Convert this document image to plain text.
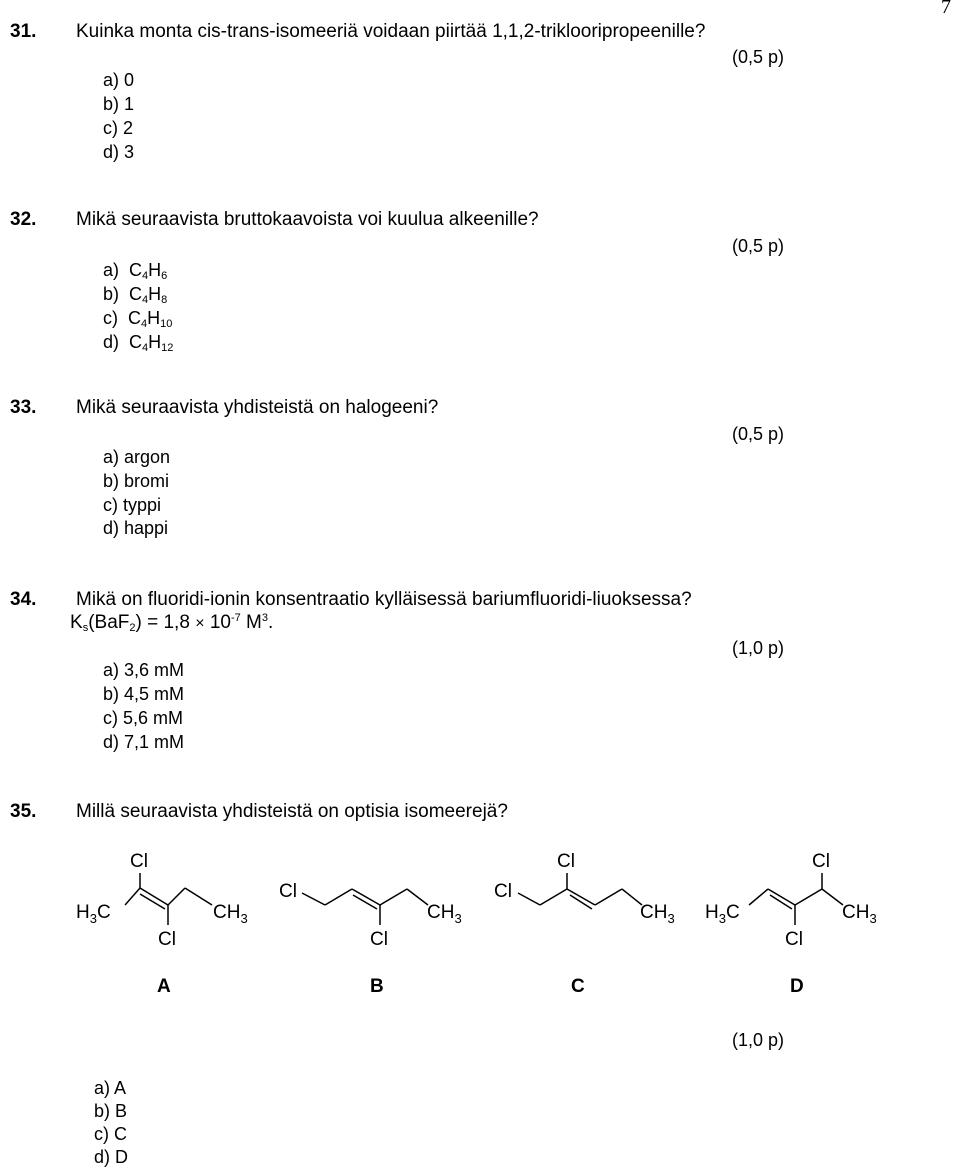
7
31. Kuinka monta cis-trans-isomeeriä voidaan piirtää 1,1,2-triklooripropeenille?
(0,5 p)
a) 0
b) 1
c) 2
d) 3
32. Mikä seuraavista bruttokaavoista voi kuulua alkeenille?
(0,5 p)
a) $C_4H_6$
b) $C_4H_8$
c) $C_4H_{10}$
d) $C_4H_{12}$
33. Mikä seuraavista yhdisteistä on halogeeni?
(0,5 p)
a) argon
b) bromi
c) typpi
d) happi
34. Mikä on fluoridi-ionin konsentraatio kylläisessä bariumfluoridi-liuoksessa?
$K_s(BaF_2) = 1,8 \times 10^{-7}$ $M^3$.
(1,0 p)
a) 3,6 mM
b) 4,5 mM
c) 5,6 mM
d) 7,1 mM
35. Millä seuraavista yhdisteistä on optisia isomeerejä?
Cl
$H_3C$	$CH_3$
Cl
Cl
$CH_3$
Cl
Cl
Cl
$CH_3$
Cl
$H_3C$	$CH_3$
Cl
A	B	C	D
(1,0 p)
a) A
b) B
c) C
d) D
